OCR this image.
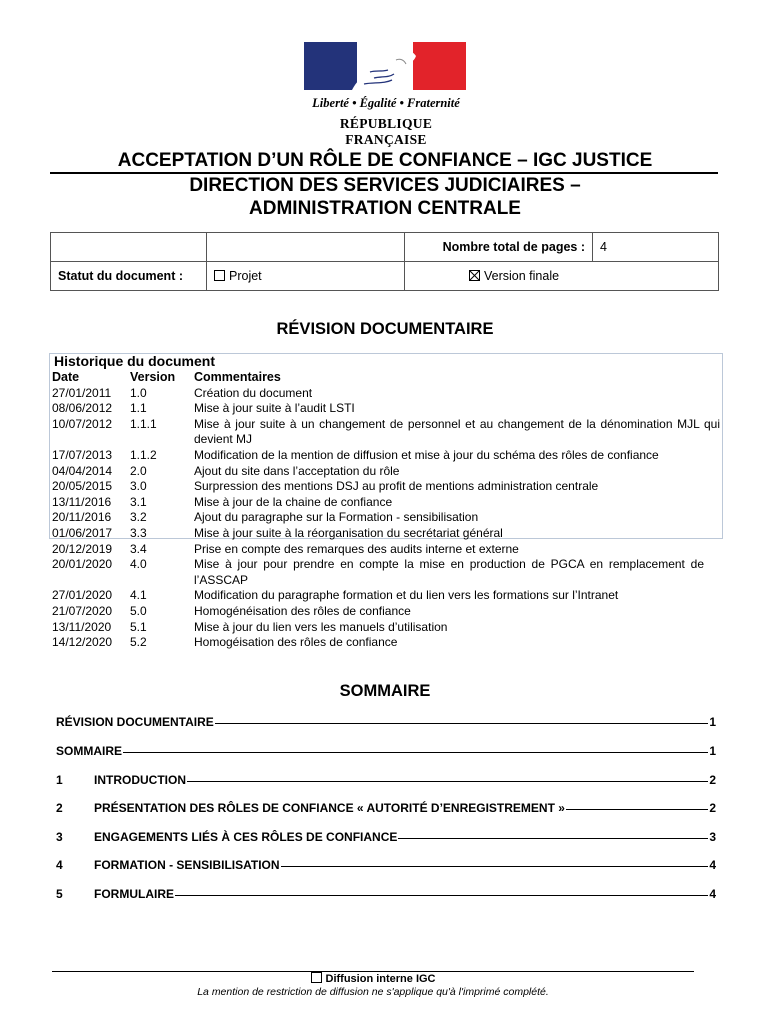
Liberté • Égalité • Fraternité
RÉPUBLIQUE FRANÇAISE
ACCEPTATION D’UN RÔLE DE CONFIANCE – IGC JUSTICE
DIRECTION DES SERVICES JUDICIAIRES –
ADMINISTRATION CENTRALE
		Nombre total de pages :	4
Statut du document :	Projet	Version finale	
RÉVISION DOCUMENTAIRE
Historique du document
Date	Version	Commentaires
27/01/2011	1.0	Création du document
08/06/2012	1.1	Mise à jour suite à l’audit LSTI
10/07/2012	1.1.1	Mise à jour suite à un changement de personnel et au changement de la dénomination MJL qui devient MJ
17/07/2013	1.1.2	Modification de la mention de diffusion et mise à jour du schéma des rôles de confiance
04/04/2014	2.0	Ajout du site dans l’acceptation du rôle
20/05/2015	3.0	Surpression des mentions DSJ au profit de mentions administration centrale
13/11/2016	3.1	Mise à jour de la chaine de confiance
20/11/2016	3.2	Ajout du paragraphe sur la Formation - sensibilisation
01/06/2017	3.3	Mise à jour suite à la réorganisation du secrétariat général
20/12/2019	3.4	Prise en compte des remarques des audits interne et externe
20/01/2020	4.0	Mise à jour pour prendre en compte la mise en production de PGCA en remplacement de l’ASSCAP
27/01/2020	4.1	Modification du paragraphe formation et du lien vers les formations sur l’Intranet
21/07/2020	5.0	Homogénéisation des rôles de confiance
13/11/2020	5.1	Mise à jour du lien vers les manuels d’utilisation
14/12/2020	5.2	Homogéisation des rôles de confiance
SOMMAIRE
RÉVISION DOCUMENTAIRE	1
SOMMAIRE	1
1	INTRODUCTION	2
2	PRÉSENTATION DES RÔLES DE CONFIANCE « AUTORITÉ D’ENREGISTREMENT »	2
3	ENGAGEMENTS LIÉS À CES RÔLES DE CONFIANCE	3
4	FORMATION - SENSIBILISATION	4
5	FORMULAIRE	4
Diffusion interne IGC
La mention de restriction de diffusion ne s'applique qu'à l'imprimé complété.
